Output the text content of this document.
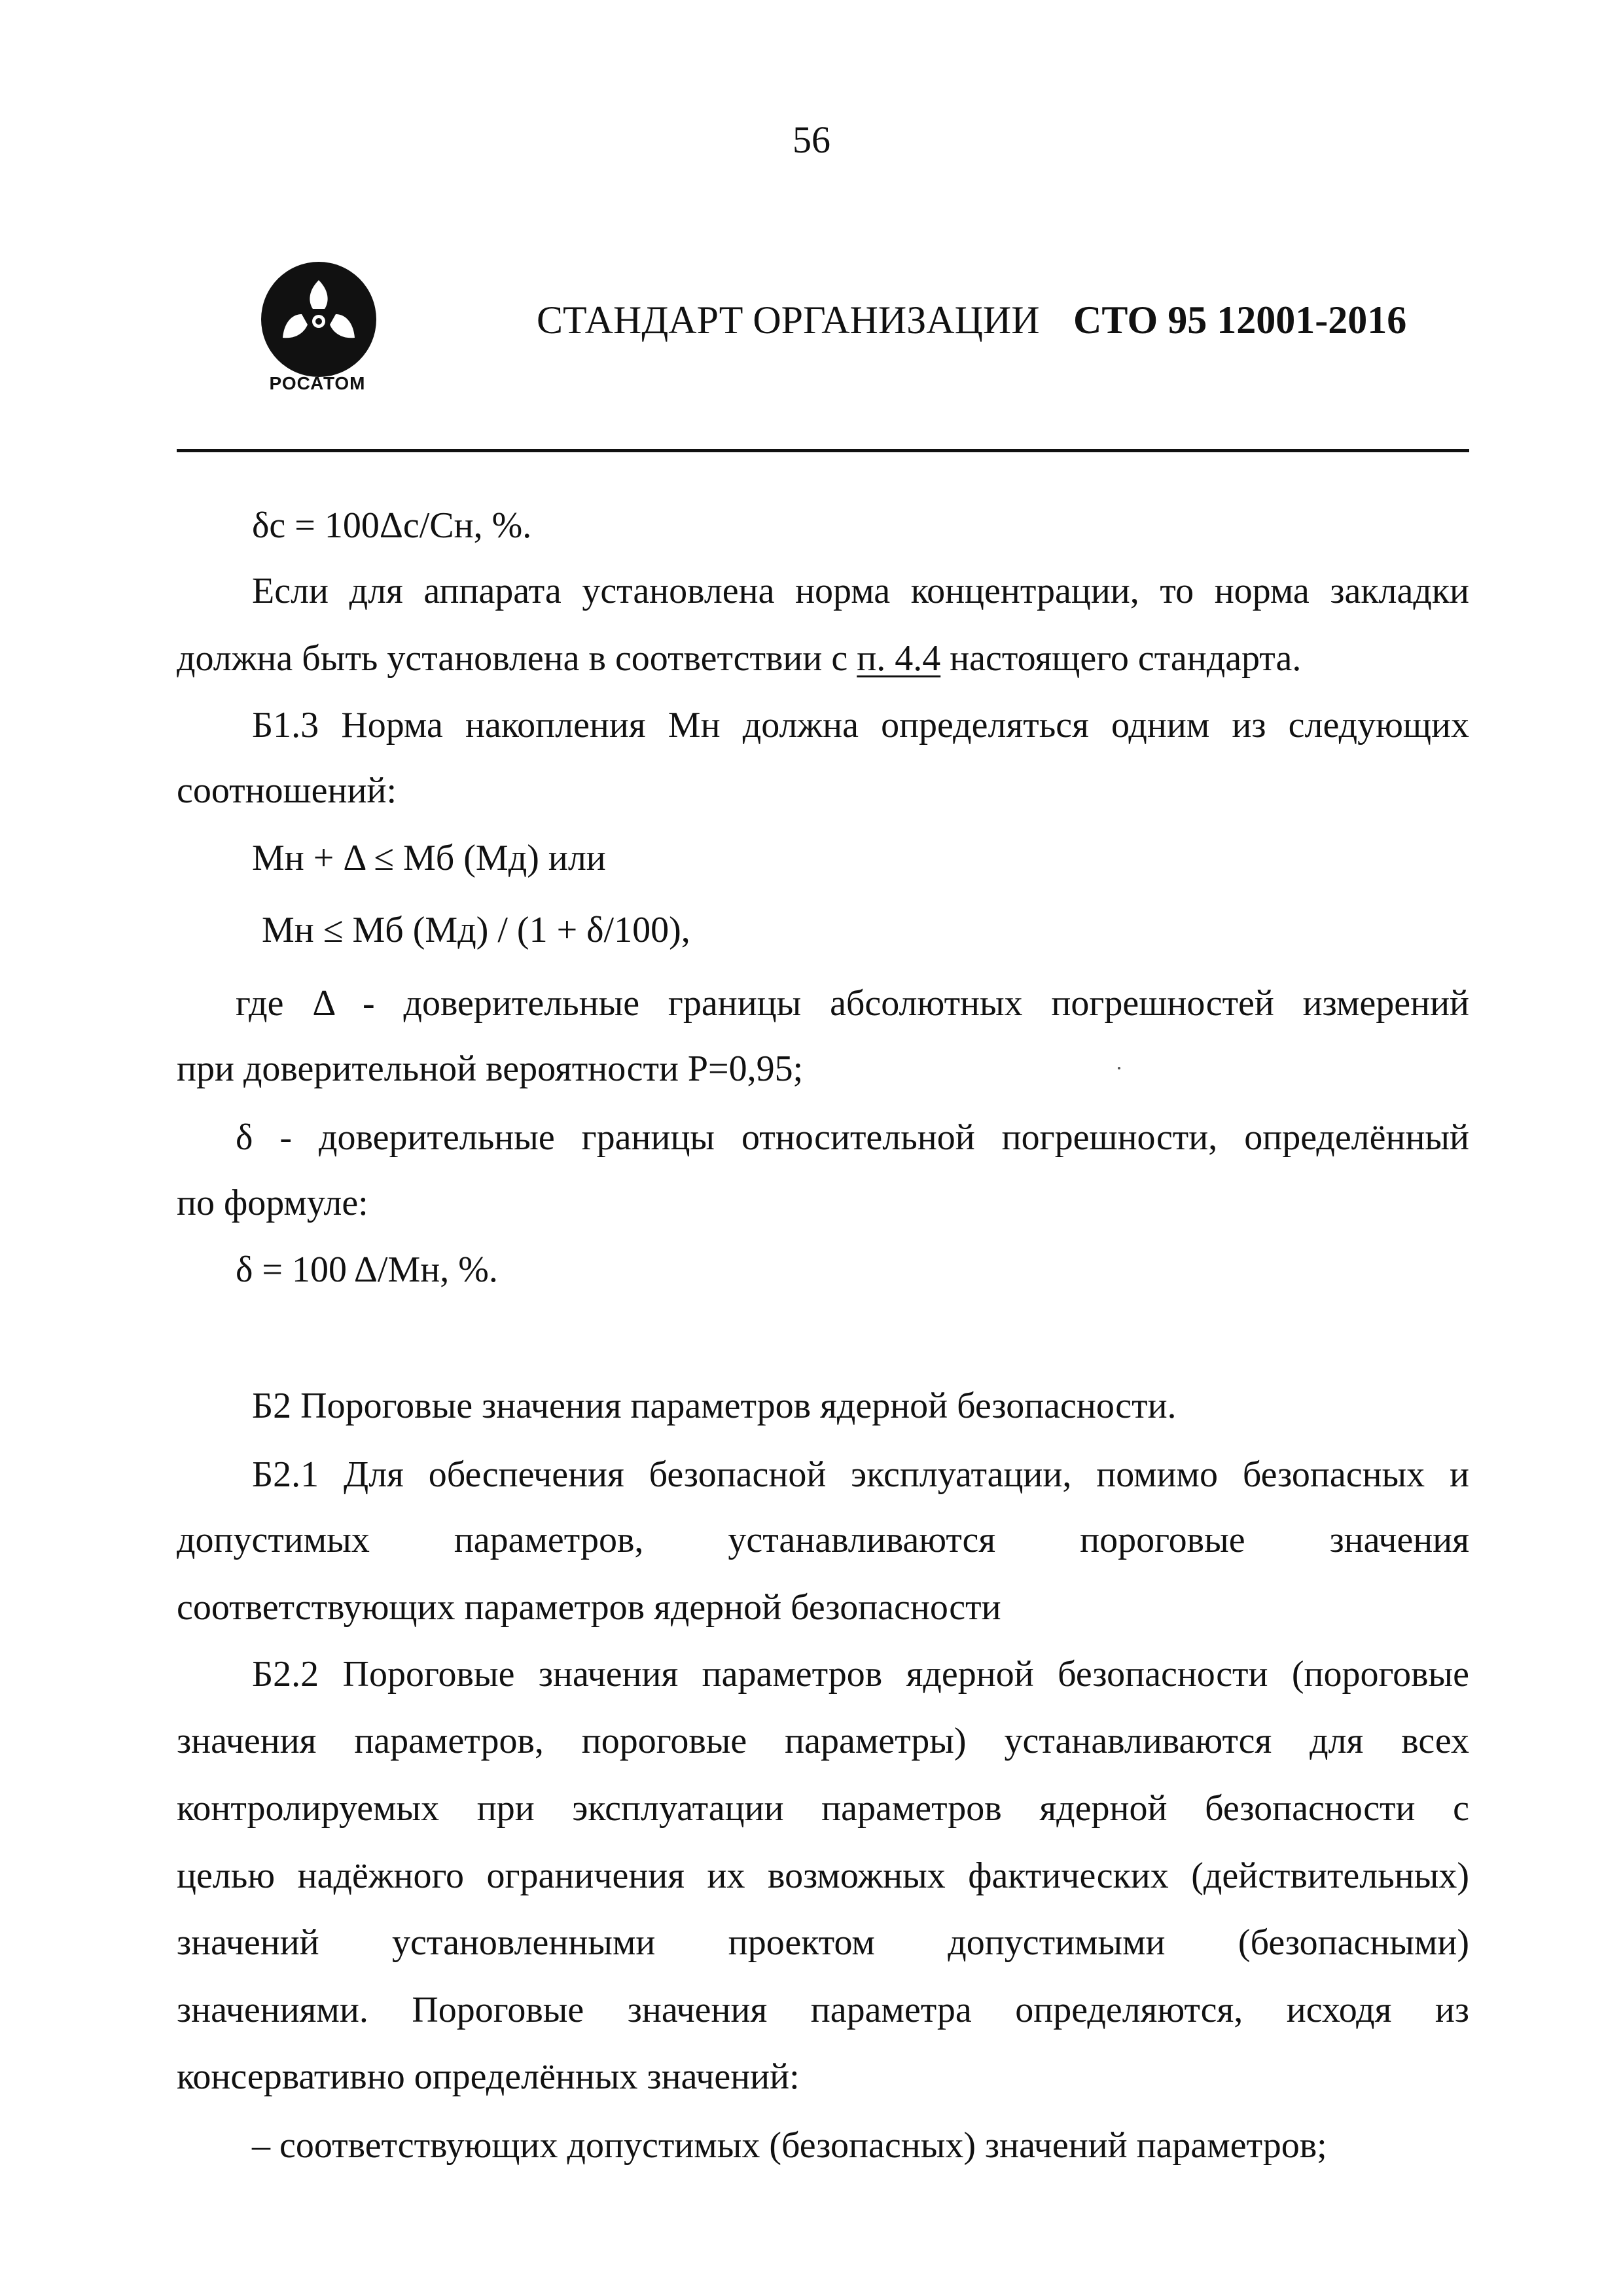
56
РОСАТОМ
СТАНДАРТ ОРГАНИЗАЦИИ СТО 95 12001-2016
δс = 100Δс/Сн, %.
Если для аппарата установлена норма концентрации, то норма закладки
должна быть установлена в соответствии с п. 4.4 настоящего стандарта.
Б1.3 Норма накопления Мн должна определяться одним из следующих
соотношений:
Мн + Δ ≤ Мб (Мд) или
Мн ≤ Мб (Мд) / (1 + δ/100),
где Δ - доверительные границы абсолютных погрешностей измерений
при доверительной вероятности Р=0,95;
δ - доверительные границы относительной погрешности, определённый
по формуле:
δ = 100 Δ/Мн, %.
Б2 Пороговые значения параметров ядерной безопасности.
Б2.1 Для обеспечения безопасной эксплуатации, помимо безопасных и
допустимых параметров, устанавливаются пороговые значения
соответствующих параметров ядерной безопасности
Б2.2 Пороговые значения параметров ядерной безопасности (пороговые
значения параметров, пороговые параметры) устанавливаются для всех
контролируемых при эксплуатации параметров ядерной безопасности с
целью надёжного ограничения их возможных фактических (действительных)
значений установленными проектом допустимыми (безопасными)
значениями. Пороговые значения параметра определяются, исходя из
консервативно определённых значений:
– соответствующих допустимых (безопасных) значений параметров;
